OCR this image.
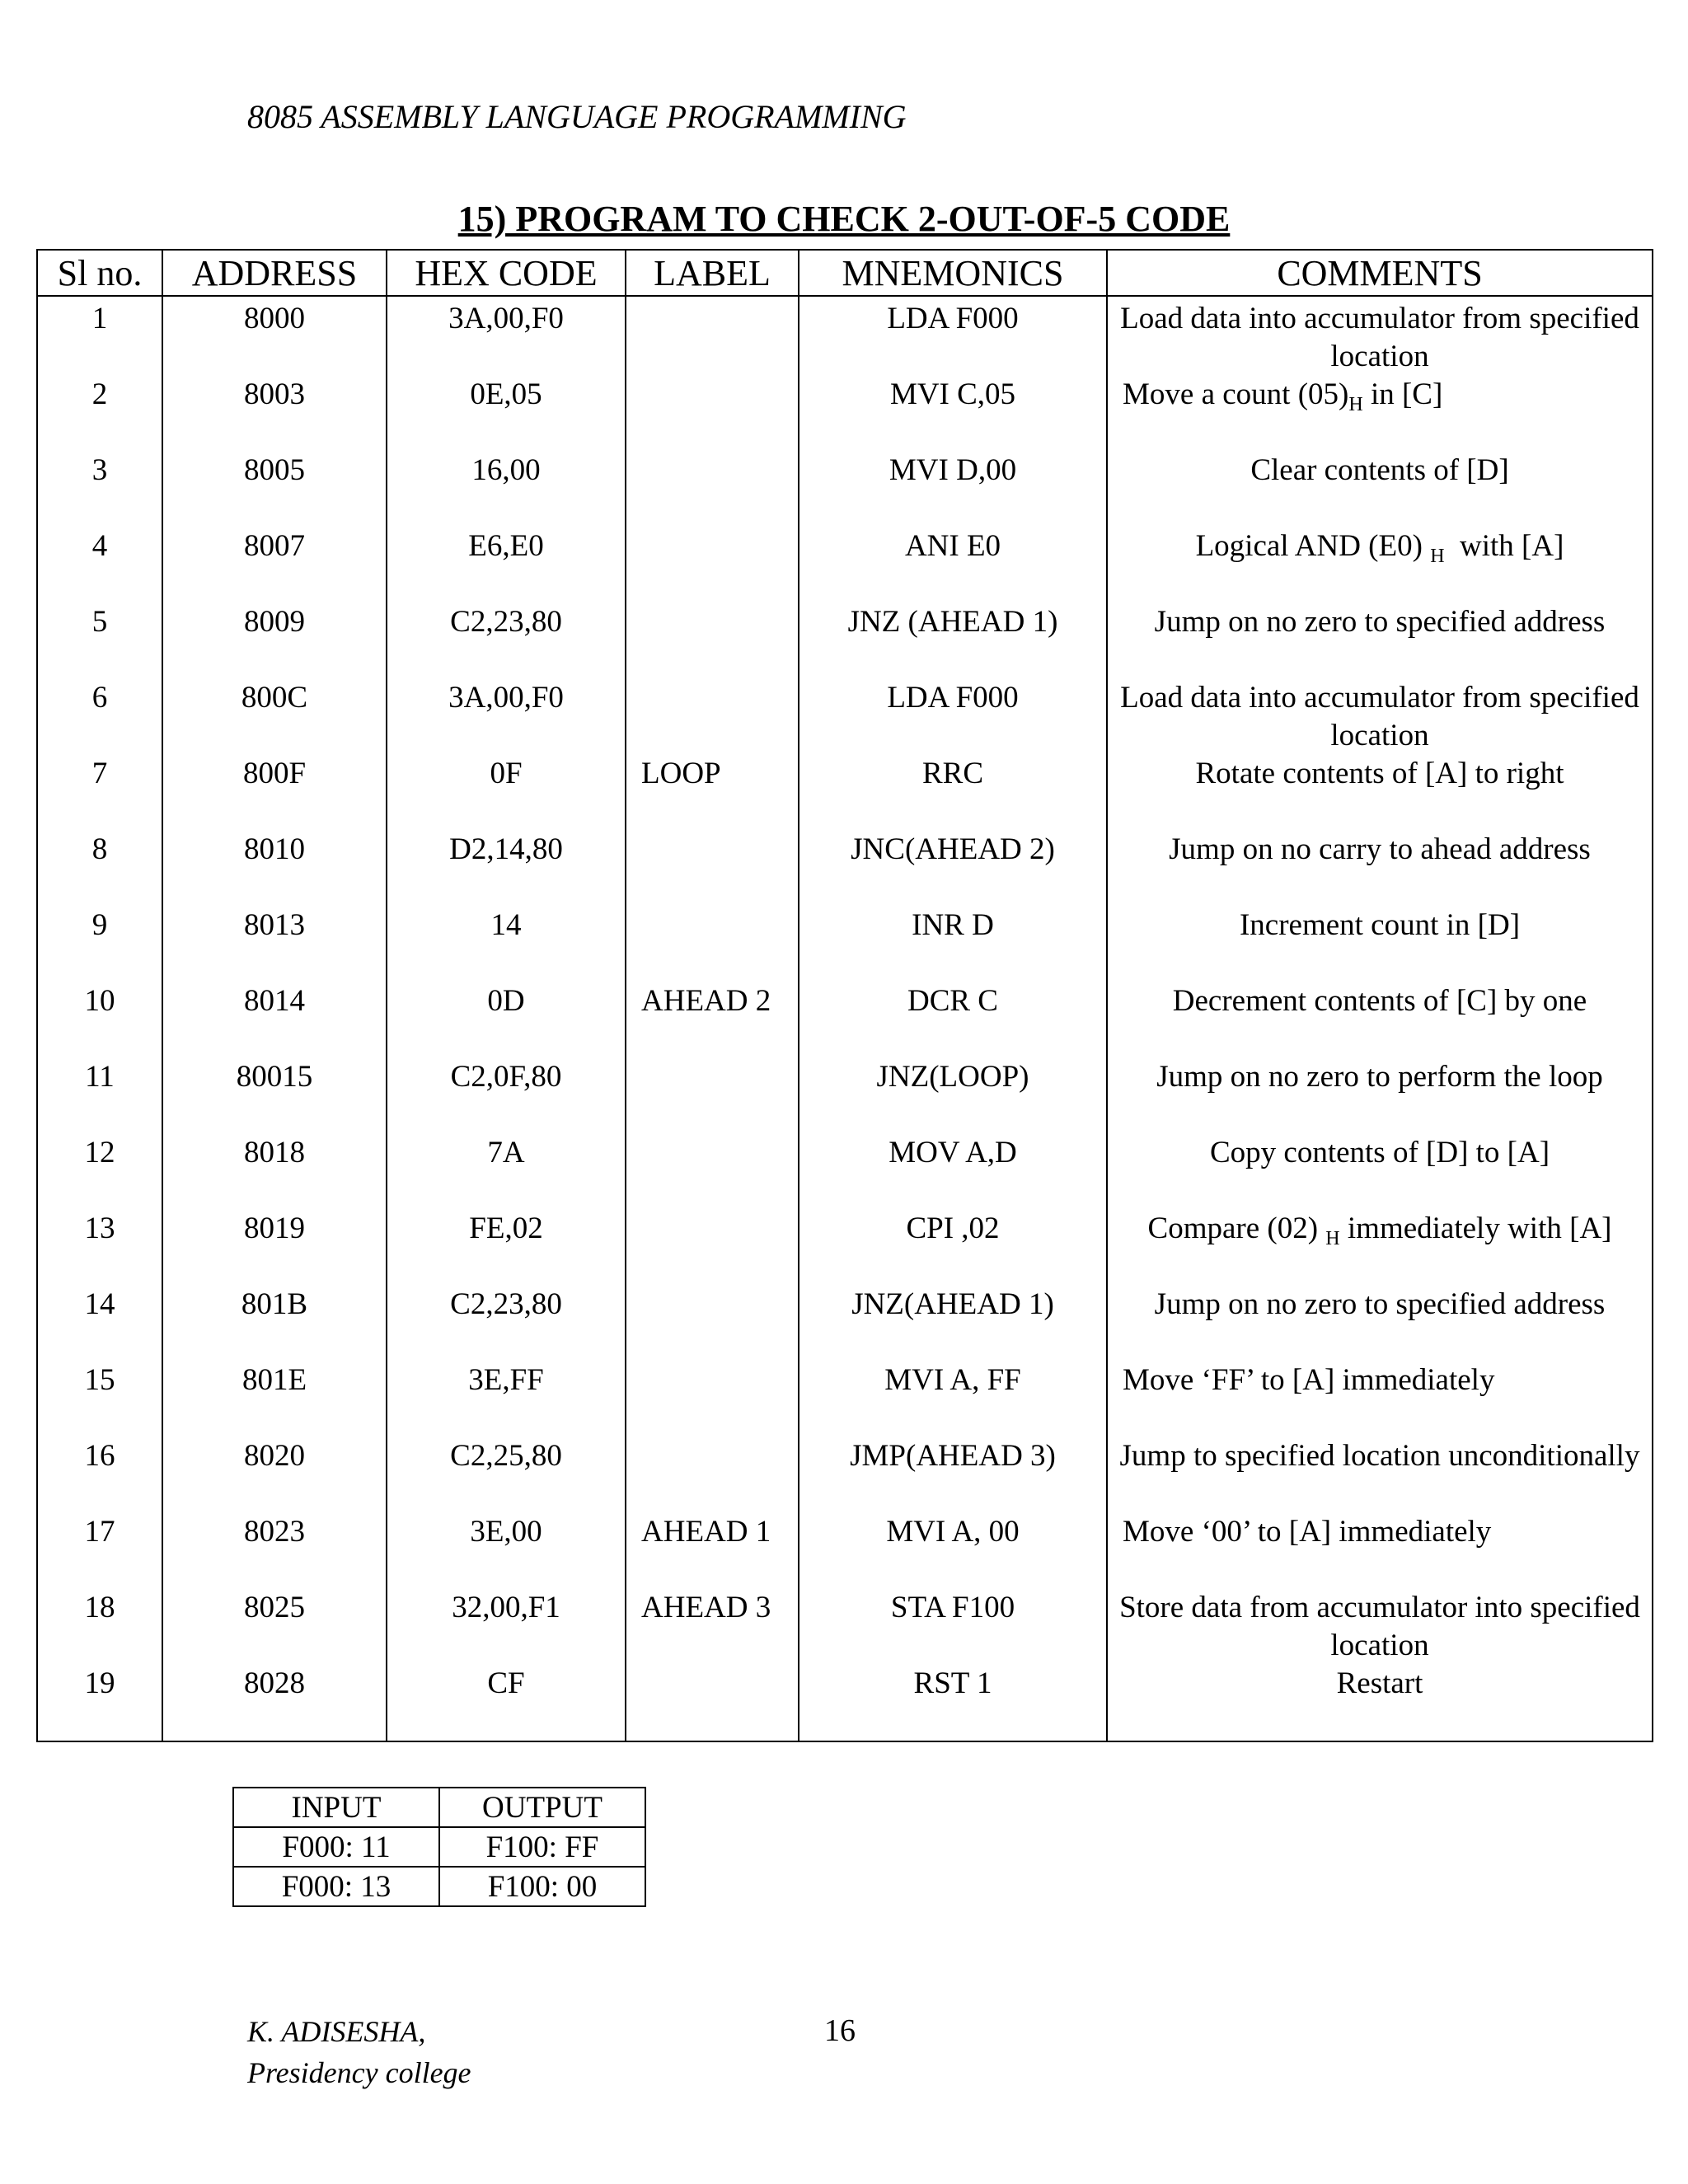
8085 ASSEMBLY LANGUAGE PROGRAMMING
15) PROGRAM TO CHECK 2-OUT-OF-5 CODE
Sl no.	ADDRESS	HEX CODE	LABEL	MNEMONICS	COMMENTS
1	8000	3A,00,F0		LDA F000	Load data into accumulator from specified location
2	8003	0E,05		MVI C,05	Move a count $(05)_H$ in [C]
3	8005	16,00		MVI D,00	Clear contents of [D]
4	8007	E6,E0		ANI E0	Logical AND (E0) $_H$  with [A]
5	8009	C2,23,80		JNZ (AHEAD 1)	Jump on no zero to specified address
6	800C	3A,00,F0		LDA F000	Load data into accumulator from specified location
7	800F	0F	LOOP	RRC	Rotate contents of [A] to right
8	8010	D2,14,80		JNC(AHEAD 2)	Jump on no carry to ahead address
9	8013	14		INR D	Increment count in [D]
10	8014	0D	AHEAD 2	DCR C	Decrement contents of [C] by one
11	80015	C2,0F,80		JNZ(LOOP)	Jump on no zero to perform the loop
12	8018	7A		MOV A,D	Copy contents of [D] to [A]
13	8019	FE,02		CPI ,02	Compare (02) $_H$ immediately with [A]
14	801B	C2,23,80		JNZ(AHEAD 1)	Jump on no zero to specified address
15	801E	3E,FF		MVI A, FF	Move ‘FF’ to [A] immediately
16	8020	C2,25,80		JMP(AHEAD 3)	Jump to specified location unconditionally
17	8023	3E,00	AHEAD 1	MVI A, 00	Move ‘00’ to [A] immediately
18	8025	32,00,F1	AHEAD 3	STA F100	Store data from accumulator into specified location
19	8028	CF		RST 1	Restart

INPUT	OUTPUT
F000: 11	F100: FF
F000: 13	F100: 00
K. ADISESHA,
Presidency college
16
